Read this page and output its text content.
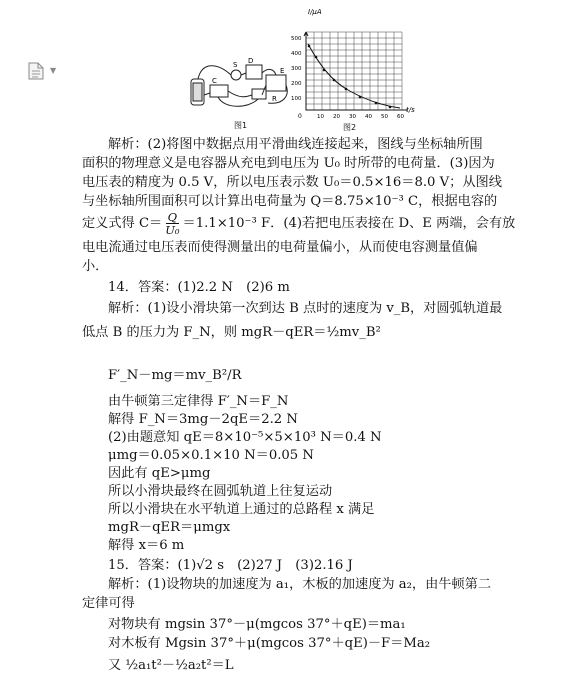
▼
C
S
R
D
E
图1
I/μA
t/s
0
500
400
300
200
100
10 20 30 40 50 60
图2
解析：(2)将图中数据点用平滑曲线连接起来，图线与坐标轴所围
面积的物理意义是电容器从充电到电压为 U₀ 时所带的电荷量．(3)因为
电压表的精度为 0.5 V，所以电压表示数 U₀＝0.5×16＝8.0 V；从图线
与坐标轴所围面积可以计算出电荷量为 Q＝8.75×10⁻³ C，根据电容的
定义式得 $C= \frac{Q}{\text{U₀}} =1.1\times 10^{-3}$ F．(4)若把电压表接在 D、E 两端，会有放
电电流通过电压表而使得测量出的电荷量偏小，从而使电容测量值偏
小．
14．答案：(1)2.2 N　(2)6 m
解析：(1)设小滑块第一次到达 B 点时的速度为 v_B，对圆弧轨道最
低点 B 的压力为 F_N，则 mgR－qER＝½mv_B²
F′_N－mg＝mv_B²/R
由牛顿第三定律得 F′_N＝F_N
解得 F_N＝3mg－2qE＝2.2 N
(2)由题意知 qE＝8×10⁻⁵×5×10³ N＝0.4 N
μmg＝0.05×0.1×10 N＝0.05 N
因此有 qE>μmg
所以小滑块最终在圆弧轨道上往复运动
所以小滑块在水平轨道上通过的总路程 x 满足
mgR－qER＝μmgx
解得 x＝6 m
15．答案：(1)√2 s　(2)27 J　(3)2.16 J
解析：(1)设物块的加速度为 a₁，木板的加速度为 a₂，由牛顿第二
定律可得
对物块有 mgsin 37°－μ(mgcos 37°＋qE)＝ma₁
对木板有 Mgsin 37°＋μ(mgcos 37°＋qE)－F＝Ma₂
又 ½a₁t²－½a₂t²＝L
